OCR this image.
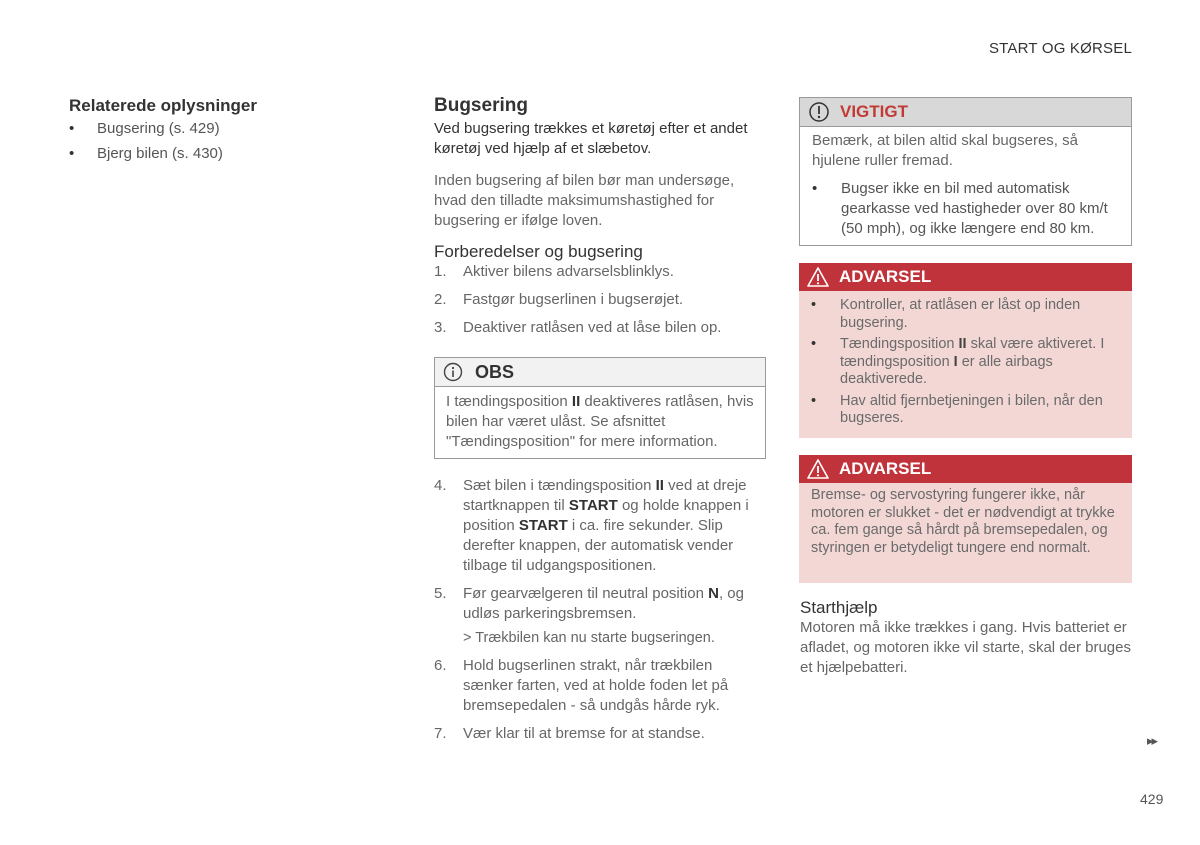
START OG KØRSEL
Relaterede oplysninger
• Bugsering (s. 429)
• Bjerg bilen (s. 430)
Bugsering

Ved bugsering trækkes et køretøj efter et andet køretøj ved hjælp af et slæbetov.

Inden bugsering af bilen bør man undersøge, hvad den tilladte maksimumshastighed for bugsering er ifølge loven.

Forberedelser og bugsering
1. Aktiver bilens advarselsblinklys.
2. Fastgør bugserlinen i bugserøjet.
3. Deaktiver ratlåsen ved at låse bilen op.
OBS
I tændingsposition II deaktiveres ratlåsen, hvis bilen har været ulåst. Se afsnittet "Tændingsposition" for mere information.
4. Sæt bilen i tændingsposition II ved at dreje startknappen til START og holde knappen i position START i ca. fire sekunder. Slip derefter knappen, der automatisk vender tilbage til udgangspositionen.
5. Før gearvælgeren til neutral position N, og udløs parkeringsbremsen.
> Trækbilen kan nu starte bugseringen.
6. Hold bugserlinen strakt, når trækbilen sænker farten, ved at holde foden let på bremsepedalen - så undgås hårde ryk.
7. Vær klar til at bremse for at standse.
VIGTIGT
Bemærk, at bilen altid skal bugseres, så hjulene ruller fremad.
• Bugser ikke en bil med automatisk gearkasse ved hastigheder over 80 km/t (50 mph), og ikke længere end 80 km.
ADVARSEL
• Kontroller, at ratlåsen er låst op inden bugsering.
• Tændingsposition II skal være aktiveret. I tændingsposition I er alle airbags deaktiverede.
• Hav altid fjernbetjeningen i bilen, når den bugseres.
ADVARSEL
Bremse- og servostyring fungerer ikke, når motoren er slukket - det er nødvendigt at trykke ca. fem gange så hårdt på bremsepedalen, og styringen er betydeligt tungere end normalt.
Starthjælp

Motoren må ikke trækkes i gang. Hvis batteriet er afladet, og motoren ikke vil starte, skal der bruges et hjælpebatteri.

▸▸
429
